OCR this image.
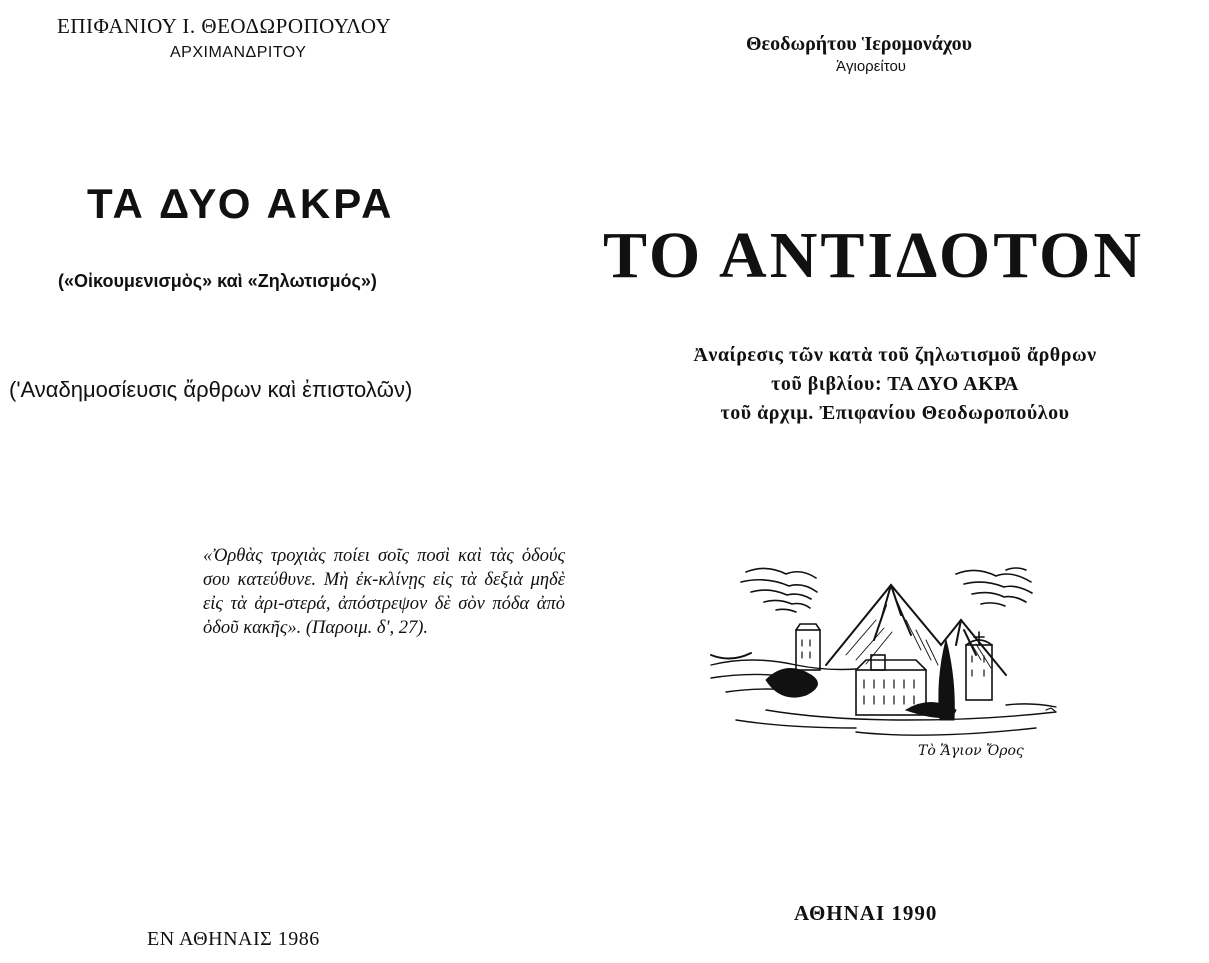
ΕΠΙΦΑΝΙΟΥ Ι. ΘΕΟΔΩΡΟΠΟΥΛΟΥ

ΑΡΧΙΜΑΝΔΡΙΤΟΥ

ΤΑ ΔΥΟ ΑΚΡΑ

(«Οἰκουμενισμὸς» καὶ «Ζηλωτισμός»)

('Αναδημοσίευσις ἄρθρων καὶ ἐπιστολῶν)

«Ὀρθὰς τροχιὰς ποίει σοῖς ποσὶ καὶ τὰς ὁδούς σου κατεύθυνε. Μὴ ἐκ-κλίνῃς εἰς τὰ δεξιὰ μηδὲ εἰς τὰ ἀρι-στερά, ἀπόστρεψον δὲ σὸν πόδα ἀπὸ ὁδοῦ κακῆς». (Παροιμ. δ', 27).

ΕΝ ΑΘΗΝΑΙΣ 1986

Θεοδωρήτου Ἱερομονάχου

Ἁγιορείτου

ΤΟ ΑΝΤΙΔΟΤΟΝ

Ἀναίρεσις τῶν κατὰ τοῦ ζηλωτισμοῦ ἄρθρων
τοῦ βιβλίου: ΤΑ ΔΥΟ ΑΚΡΑ
τοῦ ἀρχιμ. Ἐπιφανίου Θεοδωροπούλου

Τὸ Ἅγιον Ὄρος

ΑΘΗΝΑΙ 1990
